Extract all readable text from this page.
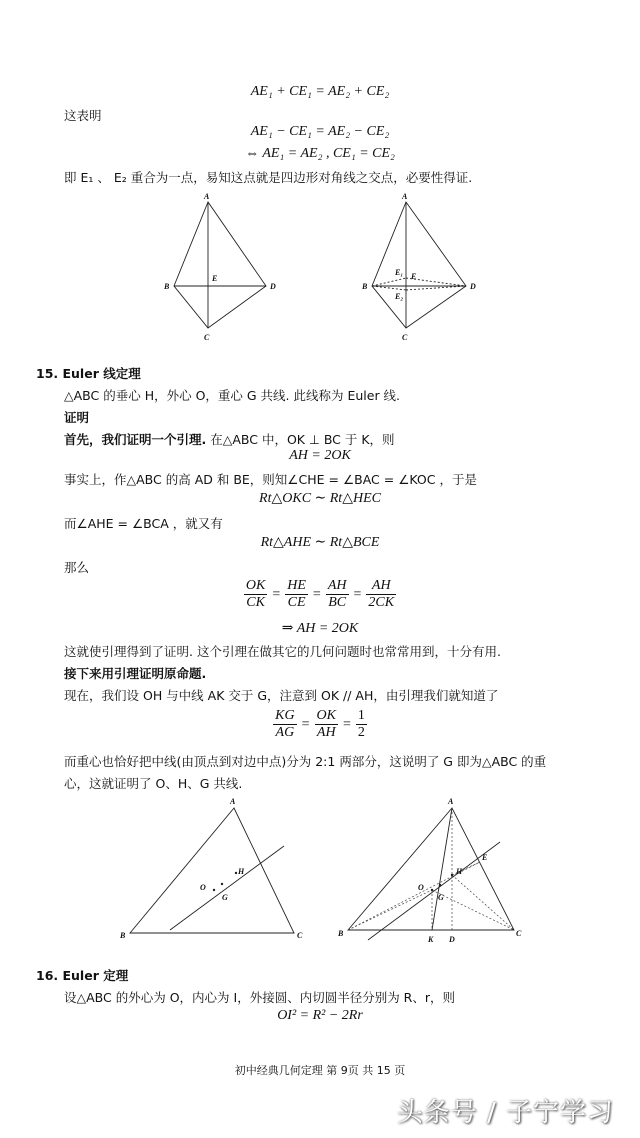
AE₁ + CE₁ = AE₂ + CE₂
这表明
AE₁ − CE₁ = AE₂ − CE₂
⇔ AE₁ = AE₂ , CE₁ = CE₂
即 E₁ 、 E₂ 重合为一点，易知这点就是四边形对角线之交点，必要性得证.
A
B
C
D
E
A
B
C
D
E
E₁
E₂
15. Euler 线定理
△ABC 的垂心 H，外心 O，重心 G 共线. 此线称为 Euler 线.
证明
首先，我们证明一个引理. 在△ABC 中，OK ⊥ BC 于 K，则
AH = 2OK
事实上，作△ABC 的高 AD 和 BE，则知∠CHE = ∠BAC = ∠KOC ，于是
Rt△OKC ∼ Rt△HEC
而∠AHE = ∠BCA ，就又有
Rt△AHE ∼ Rt△BCE
那么
$\frac{OK}{CK} = \frac{HE}{CE} = \frac{AH}{BC} = \frac{AH}{2CK}$
⇒ AH = 2OK
这就使引理得到了证明. 这个引理在做其它的几何问题时也常常用到，十分有用.
接下来用引理证明原命题.
现在，我们设 OH 与中线 AK 交于 G，注意到 OK // AH，由引理我们就知道了
$\frac{KG}{AG} = \frac{OK}{AH} = \frac{1}{2}$
而重心也恰好把中线(由顶点到对边中点)分为 2:1 两部分，这说明了 G 即为△ABC 的重
心，这就证明了 O、H、G 共线.
A
B	C
O
G
H
A
B	C
O
G
H
E
K D
16. Euler 定理
设△ABC 的外心为 O，内心为 I，外接圆、内切圆半径分别为 R、r，则
OI² = R² − 2Rr
初中经典几何定理 第 9页 共 15 页
头条号 / 子宁学习
